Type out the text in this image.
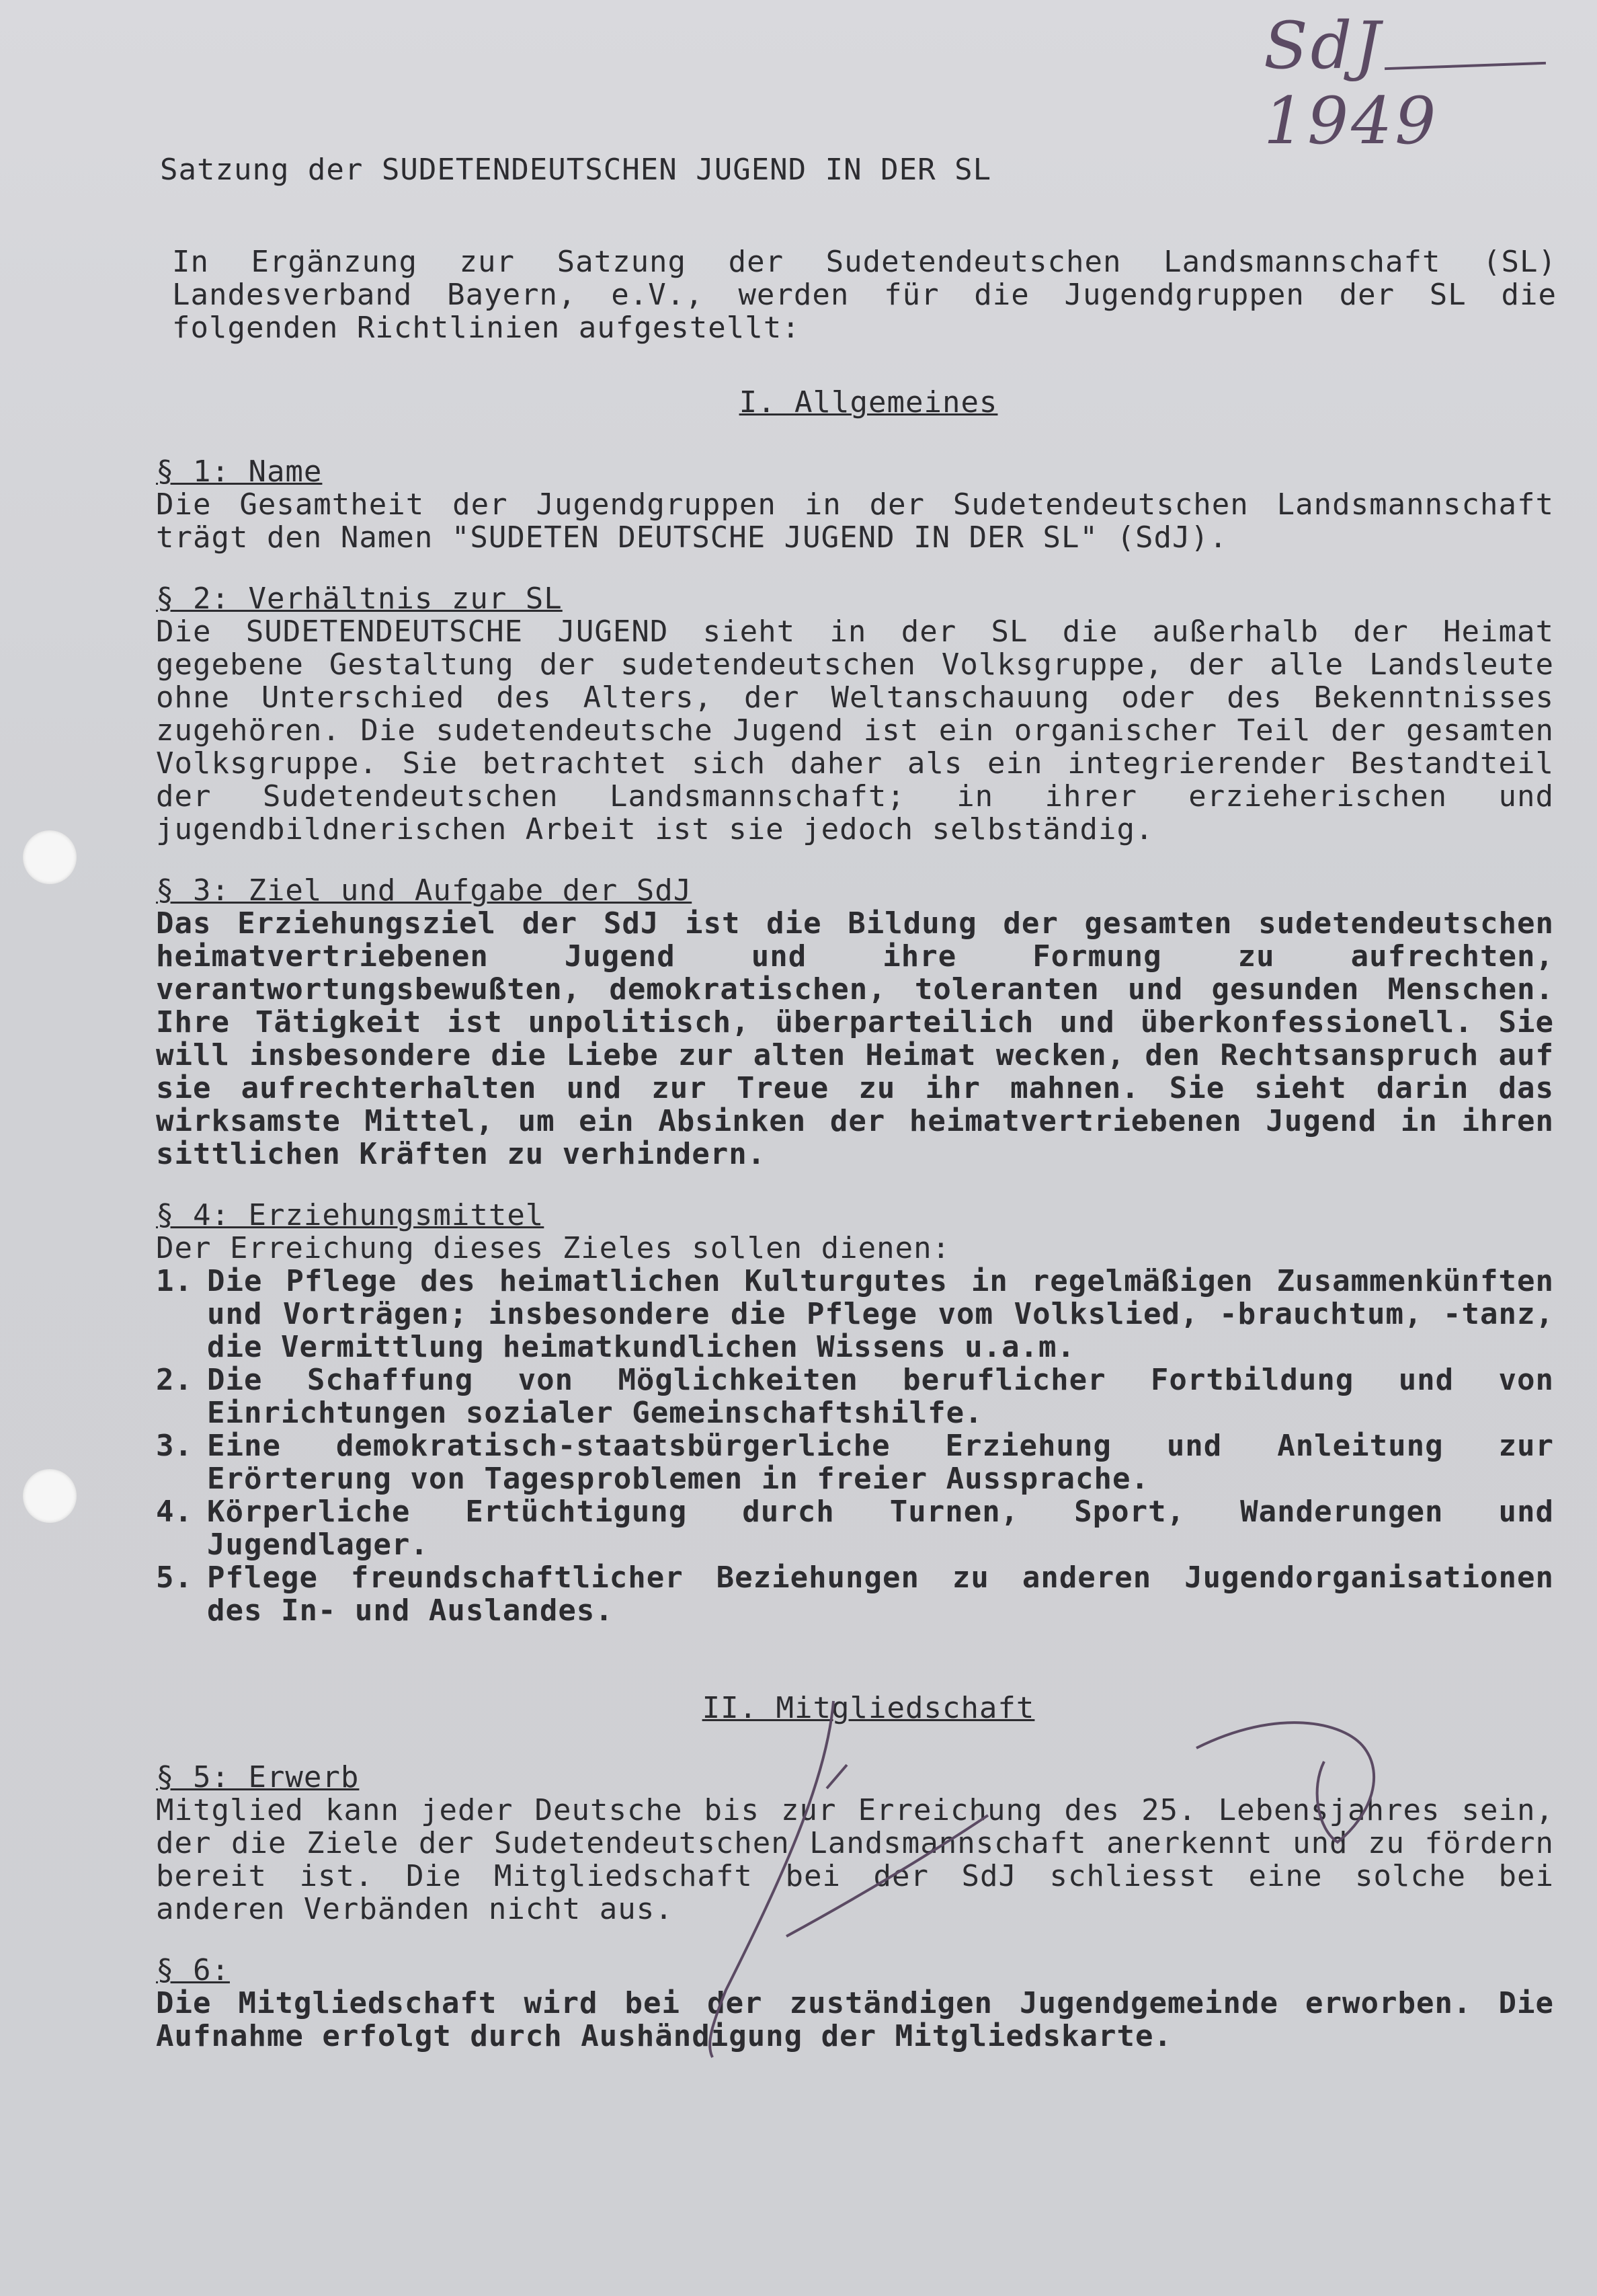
SdJ 1949
Satzung der SUDETENDEUTSCHEN JUGEND IN DER SL
In Ergänzung zur Satzung der Sudetendeutschen Landsmannschaft (SL) Landesverband Bayern, e.V., werden für die Jugendgruppen der SL die folgenden Richtlinien aufgestellt:
I. Allgemeines
§ 1: Name
Die Gesamtheit der Jugendgruppen in der Sudetendeutschen Landsmannschaft trägt den Namen "SUDETEN DEUTSCHE JUGEND IN DER SL" (SdJ).
§ 2: Verhältnis zur SL
Die SUDETENDEUTSCHE JUGEND sieht in der SL die außerhalb der Heimat gegebene Gestaltung der sudetendeutschen Volksgruppe, der alle Landsleute ohne Unterschied des Alters, der Weltanschauung oder des Bekenntnisses zugehören. Die sudetendeutsche Jugend ist ein organischer Teil der gesamten Volksgruppe. Sie betrachtet sich daher als ein integrierender Bestandteil der Sudetendeutschen Landsmannschaft; in ihrer erzieherischen und jugendbildnerischen Arbeit ist sie jedoch selbständig.
§ 3: Ziel und Aufgabe der SdJ
Das Erziehungsziel der SdJ ist die Bildung der gesamten sudetendeutschen heimatvertriebenen Jugend und ihre Formung zu aufrechten, verantwortungsbewußten, demokratischen, toleranten und gesunden Menschen. Ihre Tätigkeit ist unpolitisch, überparteilich und überkonfessionell. Sie will insbesondere die Liebe zur alten Heimat wecken, den Rechtsanspruch auf sie aufrechterhalten und zur Treue zu ihr mahnen. Sie sieht darin das wirksamste Mittel, um ein Absinken der heimatvertriebenen Jugend in ihren sittlichen Kräften zu verhindern.
§ 4: Erziehungsmittel
Der Erreichung dieses Zieles sollen dienen:
1. Die Pflege des heimatlichen Kulturgutes in regelmäßigen Zusammenkünften und Vorträgen; insbesondere die Pflege vom Volkslied, -brauchtum, -tanz, die Vermittlung heimatkundlichen Wissens u.a.m.
2. Die Schaffung von Möglichkeiten beruflicher Fortbildung und von Einrichtungen sozialer Gemeinschaftshilfe.
3. Eine demokratisch-staatsbürgerliche Erziehung und Anleitung zur Erörterung von Tagesproblemen in freier Aussprache.
4. Körperliche Ertüchtigung durch Turnen, Sport, Wanderungen und Jugendlager.
5. Pflege freundschaftlicher Beziehungen zu anderen Jugendorganisationen des In- und Auslandes.
II. Mitgliedschaft
§ 5: Erwerb
Mitglied kann jeder Deutsche bis zur Erreichung des 25. Lebensjahres sein, der die Ziele der Sudetendeutschen Landsmannschaft anerkennt und zu fördern bereit ist. Die Mitgliedschaft bei der SdJ schliesst eine solche bei anderen Verbänden nicht aus.
§ 6:
Die Mitgliedschaft wird bei der zuständigen Jugendgemeinde erworben. Die Aufnahme erfolgt durch Aushändigung der Mitgliedskarte.
